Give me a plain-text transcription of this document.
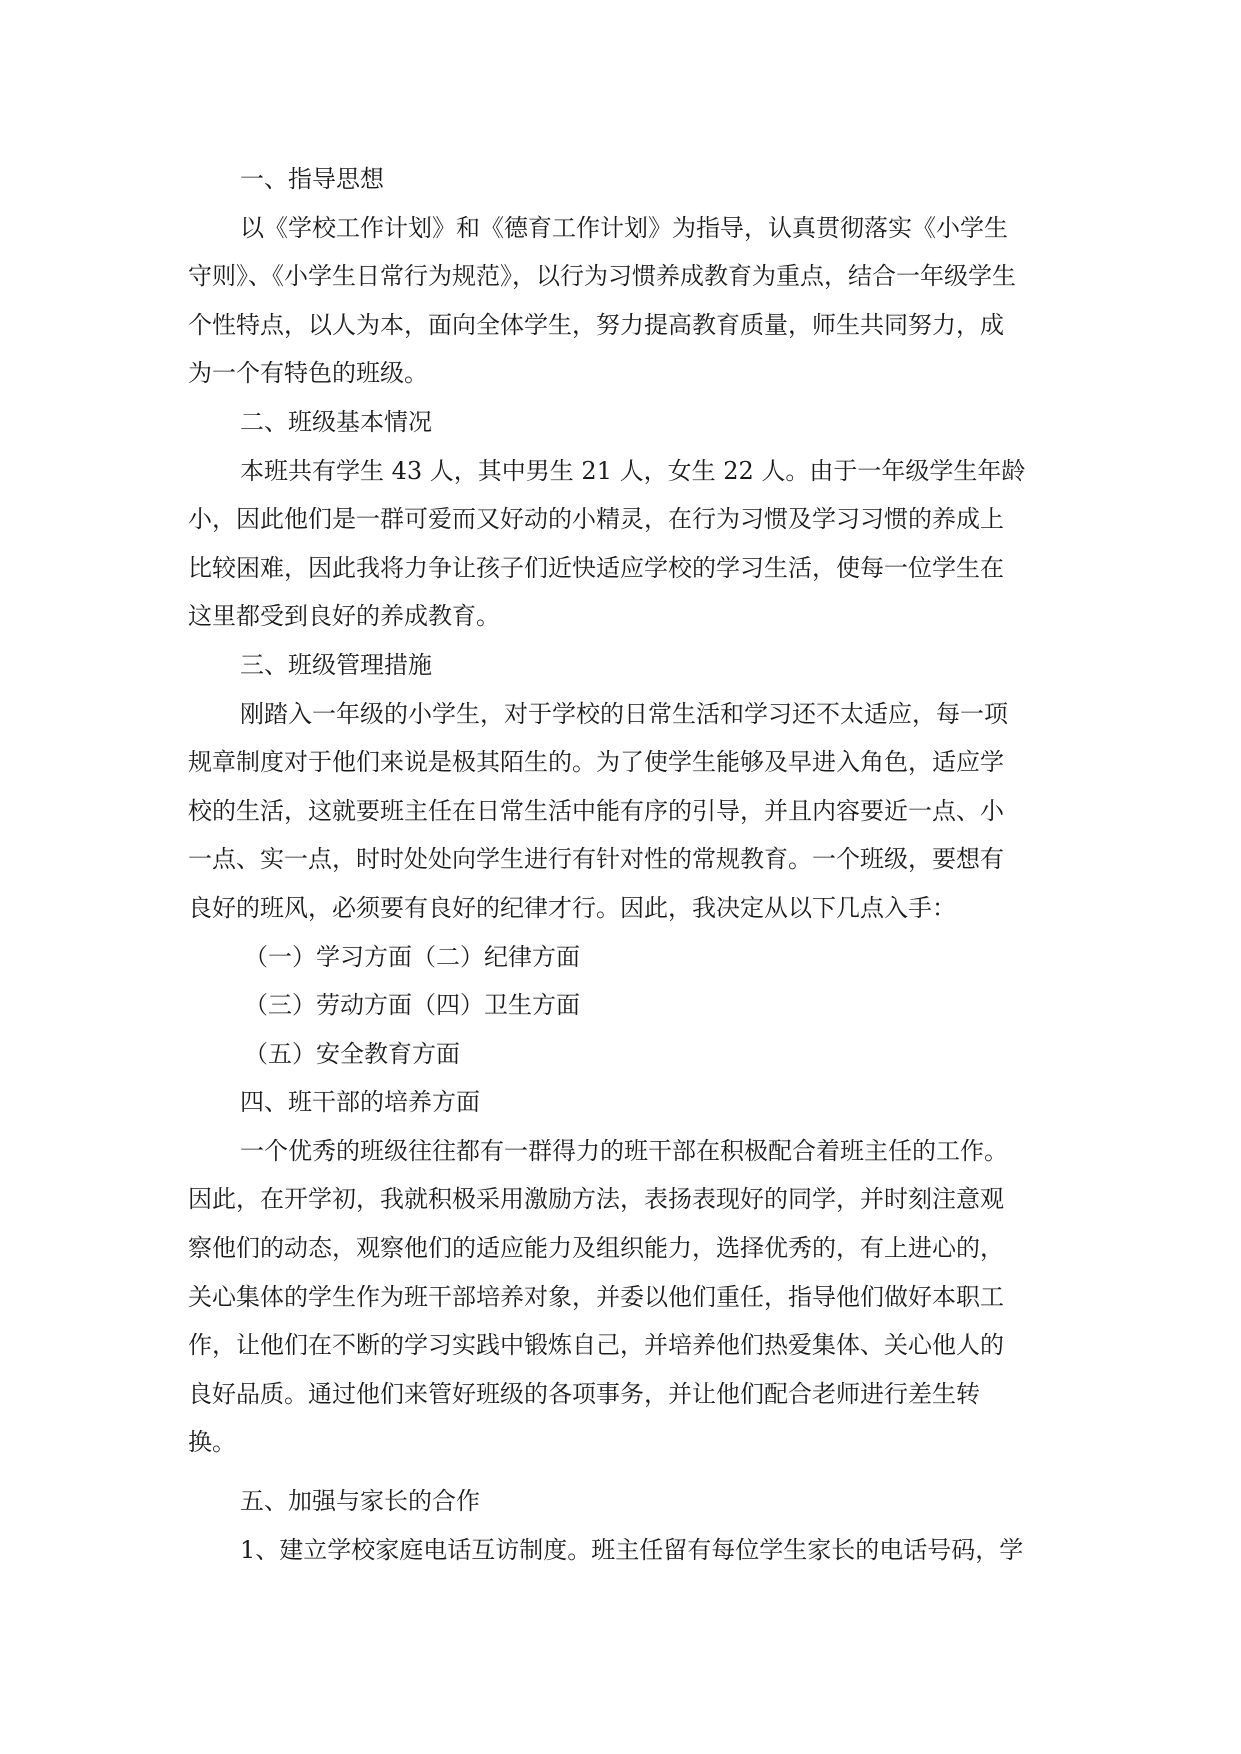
一、指导思想
以《学校工作计划》和《德育工作计划》为指导，认真贯彻落实《小学生
守则》、《小学生日常行为规范》，以行为习惯养成教育为重点，结合一年级学生
个性特点，以人为本，面向全体学生，努力提高教育质量，师生共同努力，成
为一个有特色的班级。
二、班级基本情况
本班共有学生 43 人，其中男生 21 人，女生 22 人。由于一年级学生年龄
小，因此他们是一群可爱而又好动的小精灵，在行为习惯及学习习惯的养成上
比较困难，因此我将力争让孩子们近快适应学校的学习生活，使每一位学生在
这里都受到良好的养成教育。
三、班级管理措施
刚踏入一年级的小学生，对于学校的日常生活和学习还不太适应，每一项
规章制度对于他们来说是极其陌生的。为了使学生能够及早进入角色，适应学
校的生活，这就要班主任在日常生活中能有序的引导，并且内容要近一点、小
一点、实一点，时时处处向学生进行有针对性的常规教育。一个班级，要想有
良好的班风，必须要有良好的纪律才行。因此，我决定从以下几点入手：
（一）学习方面（二）纪律方面
（三）劳动方面（四）卫生方面
（五）安全教育方面
四、班干部的培养方面
一个优秀的班级往往都有一群得力的班干部在积极配合着班主任的工作。
因此，在开学初，我就积极采用激励方法，表扬表现好的同学，并时刻注意观
察他们的动态，观察他们的适应能力及组织能力，选择优秀的，有上进心的，
关心集体的学生作为班干部培养对象，并委以他们重任，指导他们做好本职工
作，让他们在不断的学习实践中锻炼自己，并培养他们热爱集体、关心他人的
良好品质。通过他们来管好班级的各项事务，并让他们配合老师进行差生转
换。
五、加强与家长的合作
1、建立学校家庭电话互访制度。班主任留有每位学生家长的电话号码，学
